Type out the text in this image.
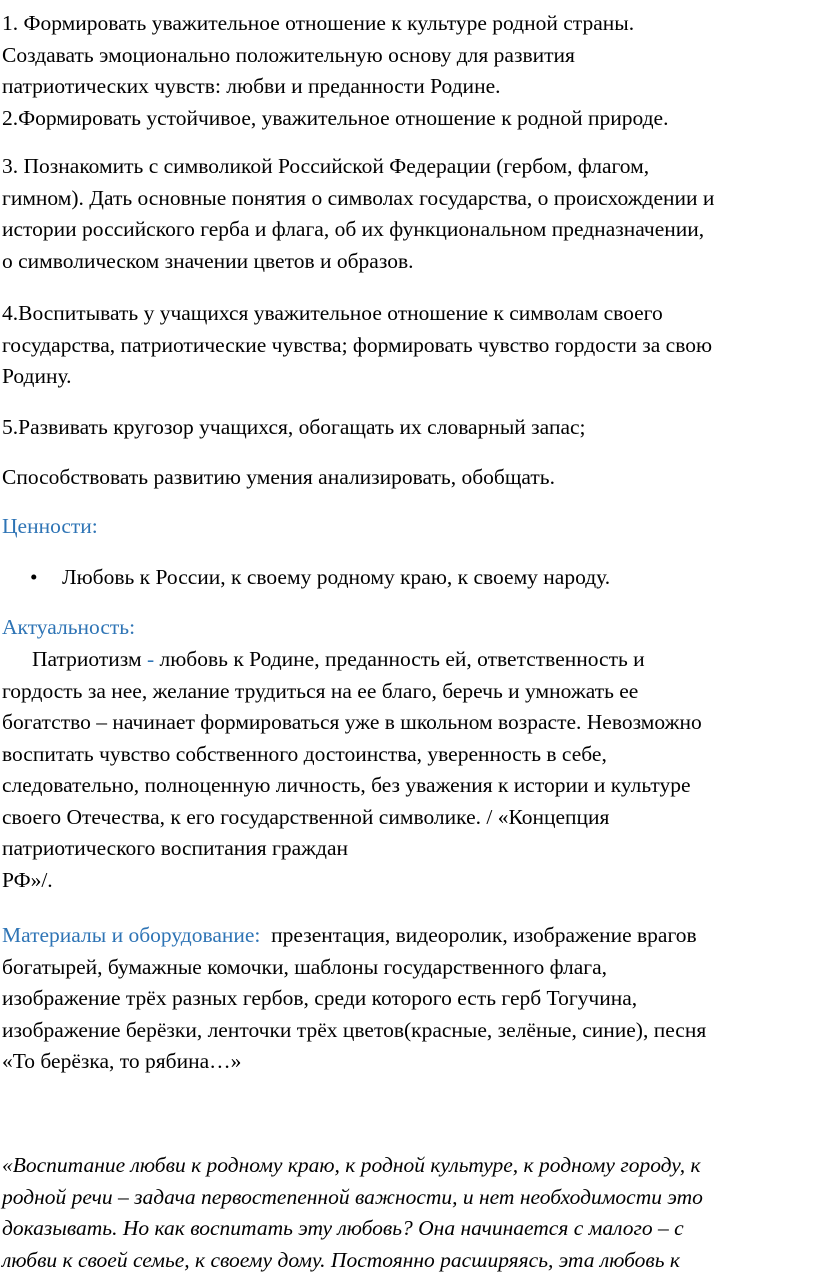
1. Формировать уважительное отношение к культуре родной страны.
Создавать эмоционально положительную основу для развития
патриотических чувств: любви и преданности Родине.
2.Формировать устойчивое, уважительное отношение к родной природе.
3. Познакомить с символикой Российской Федерации (гербом, флагом,
гимном). Дать основные понятия о символах государства, о происхождении и
истории российского герба и флага, об их функциональном предназначении,
о символическом значении цветов и образов.
4.Воспитывать у учащихся уважительное отношение к символам своего
государства, патриотические чувства; формировать чувство гордости за свою
Родину.
5.Развивать кругозор учащихся, обогащать их словарный запас;
Способствовать развитию умения анализировать, обобщать.
Ценности:
• Любовь к России, к своему родному краю, к своему народу.
Актуальность:
Патриотизм - любовь к Родине, преданность ей, ответственность и
гордость за нее, желание трудиться на ее благо, беречь и умножать ее
богатство – начинает формироваться уже в школьном возрасте. Невозможно
воспитать чувство собственного достоинства, уверенность в себе,
следовательно, полноценную личность, без уважения к истории и культуре
своего Отечества, к его государственной символике. / «Концепция
патриотического воспитания граждан
РФ»/.
Материалы и оборудование: презентация, видеоролик, изображение врагов
богатырей, бумажные комочки, шаблоны государственного флага,
изображение трёх разных гербов, среди которого есть герб Тогучина,
изображение берёзки, ленточки трёх цветов(красные, зелёные, синие), песня
«То берёзка, то рябина…»
«Воспитание любви к родному краю, к родной культуре, к родному городу, к
родной речи – задача первостепенной важности, и нет необходимости это
доказывать. Но как воспитать эту любовь? Она начинается с малого – с
любви к своей семье, к своему дому. Постоянно расширяясь, эта любовь к
